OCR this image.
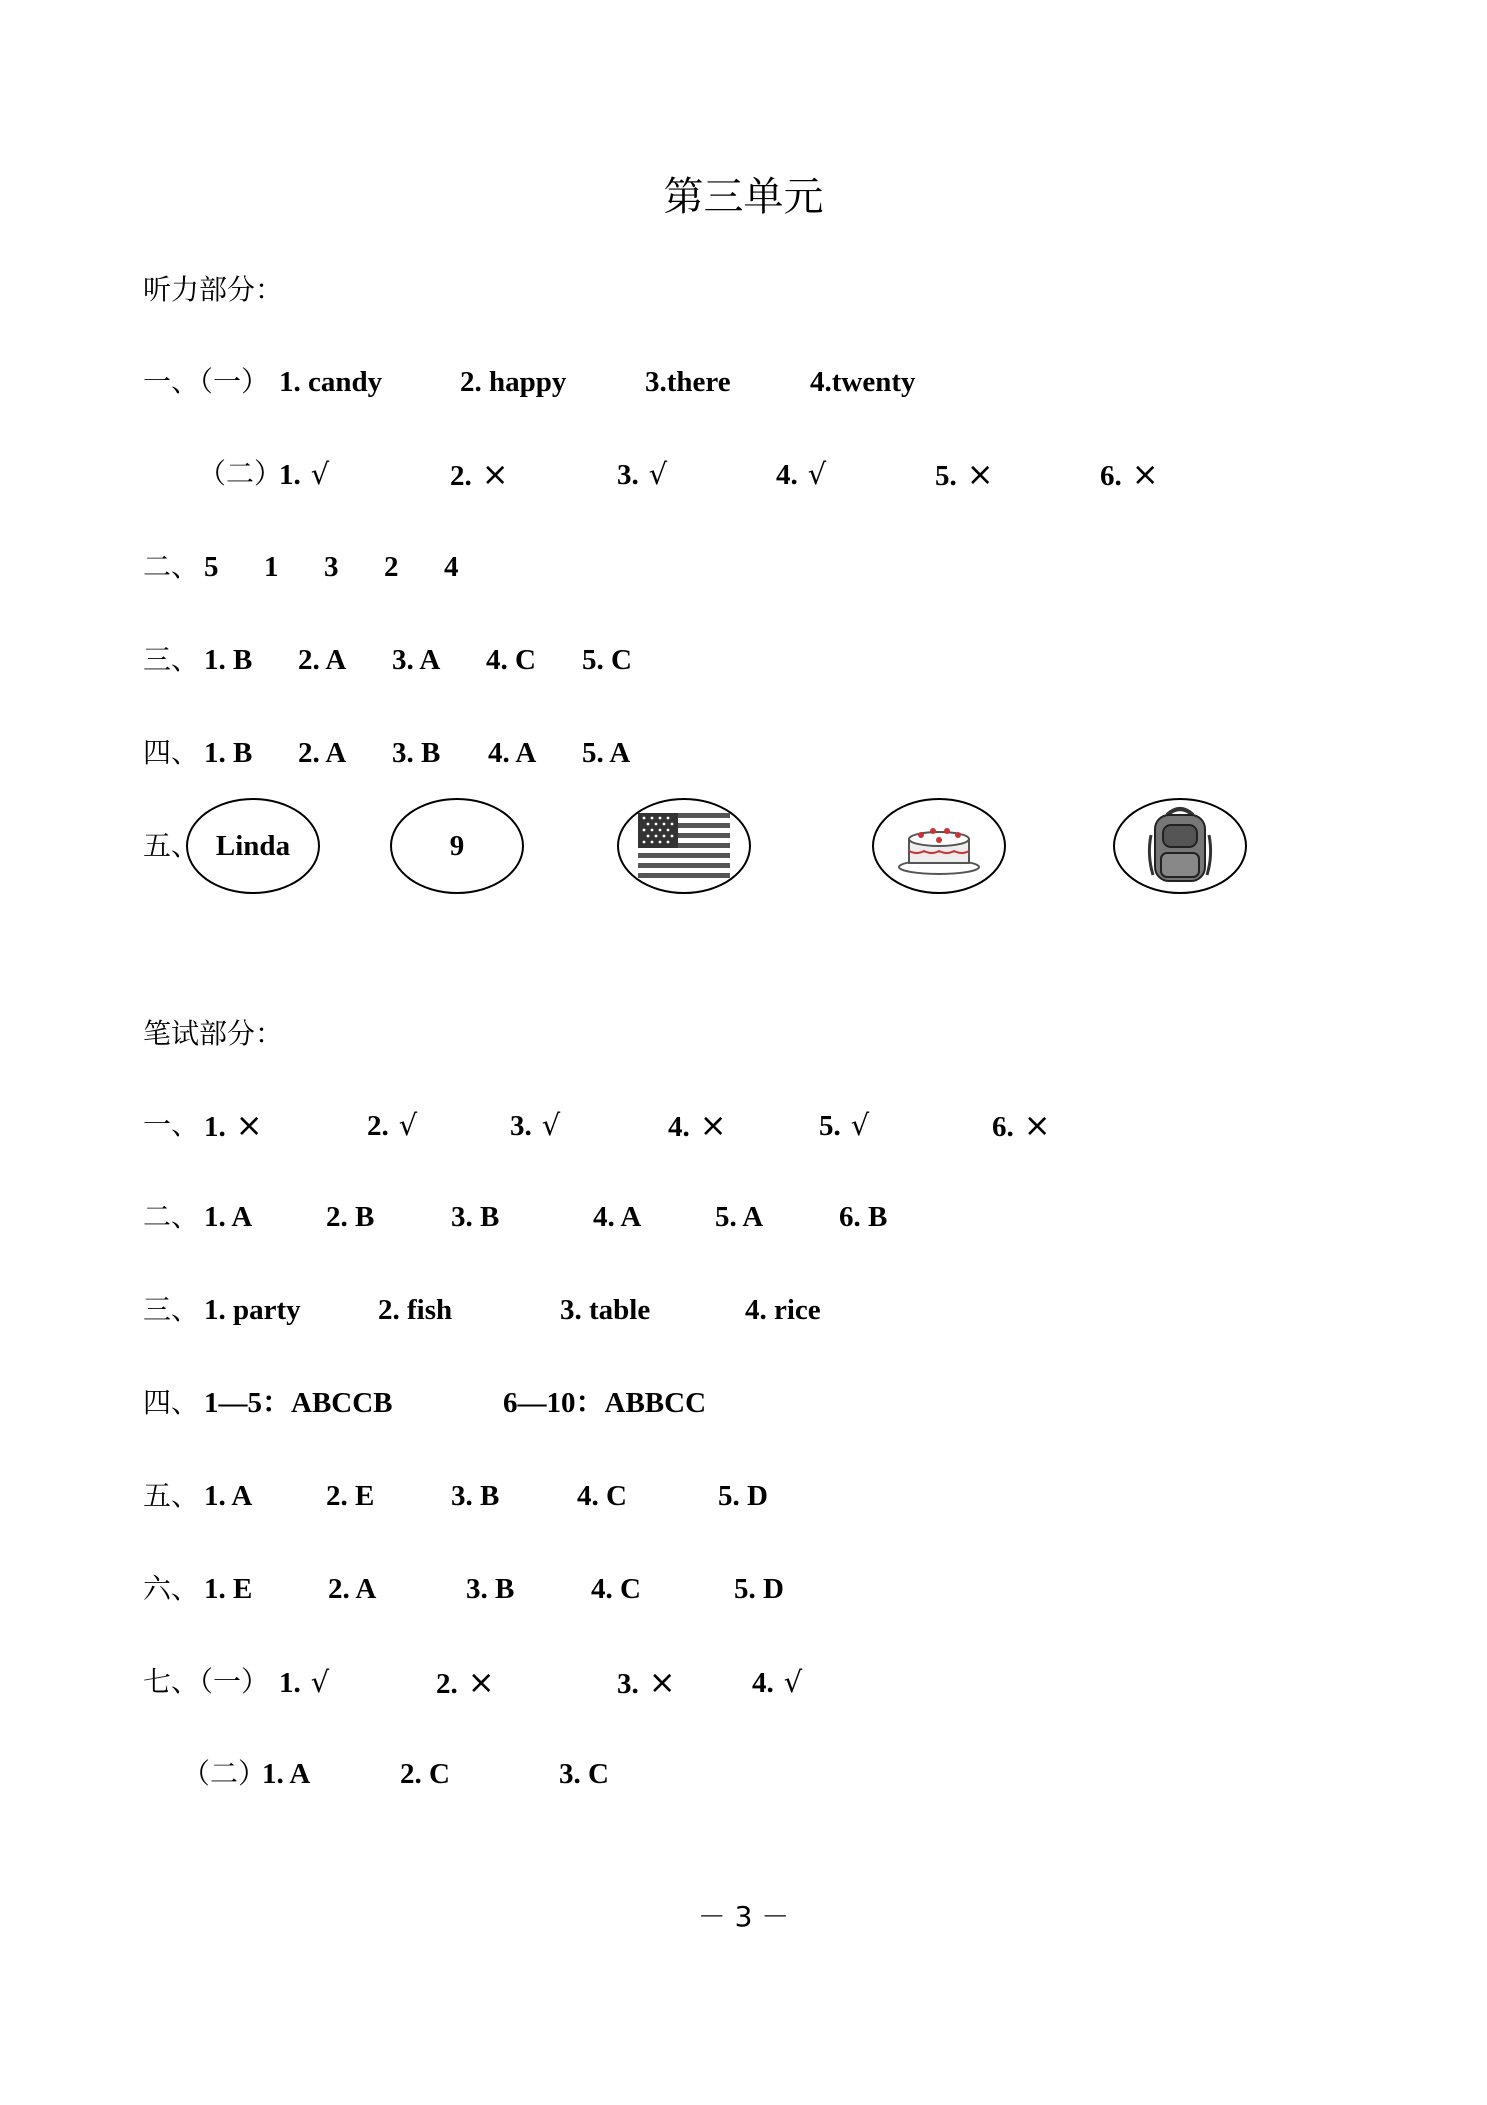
第三单元
听力部分：
一、（一） 1. candy	2. happy	3.there	4.twenty
（二）
1. √	2. ×	3. √	4. √	5. ×	6. ×
二、 5 1 3 2 4
三、 1. B 2. A 3. A 4. C 5. C
四、 1. B 2. A 3. B 4. A 5. A
五、 Linda	9
笔试部分：
一、 1. ×	2. √	3. √	4. ×	5. √	6. ×
二、 1. A	2. B	3. B	4. A	5. A	6. B
三、 1. party	2. fish	3. table	4. rice
四、 1—5：ABCCB	6—10：ABBCC
五、 1. A	2. E	3. B	4. C	5. D
六、 1. E	2. A	3. B	4. C	5. D
七、（一） 1. √	2. ×	3. ×	4. √
（二）
1. A	2. C	3. C
－ 3 －
